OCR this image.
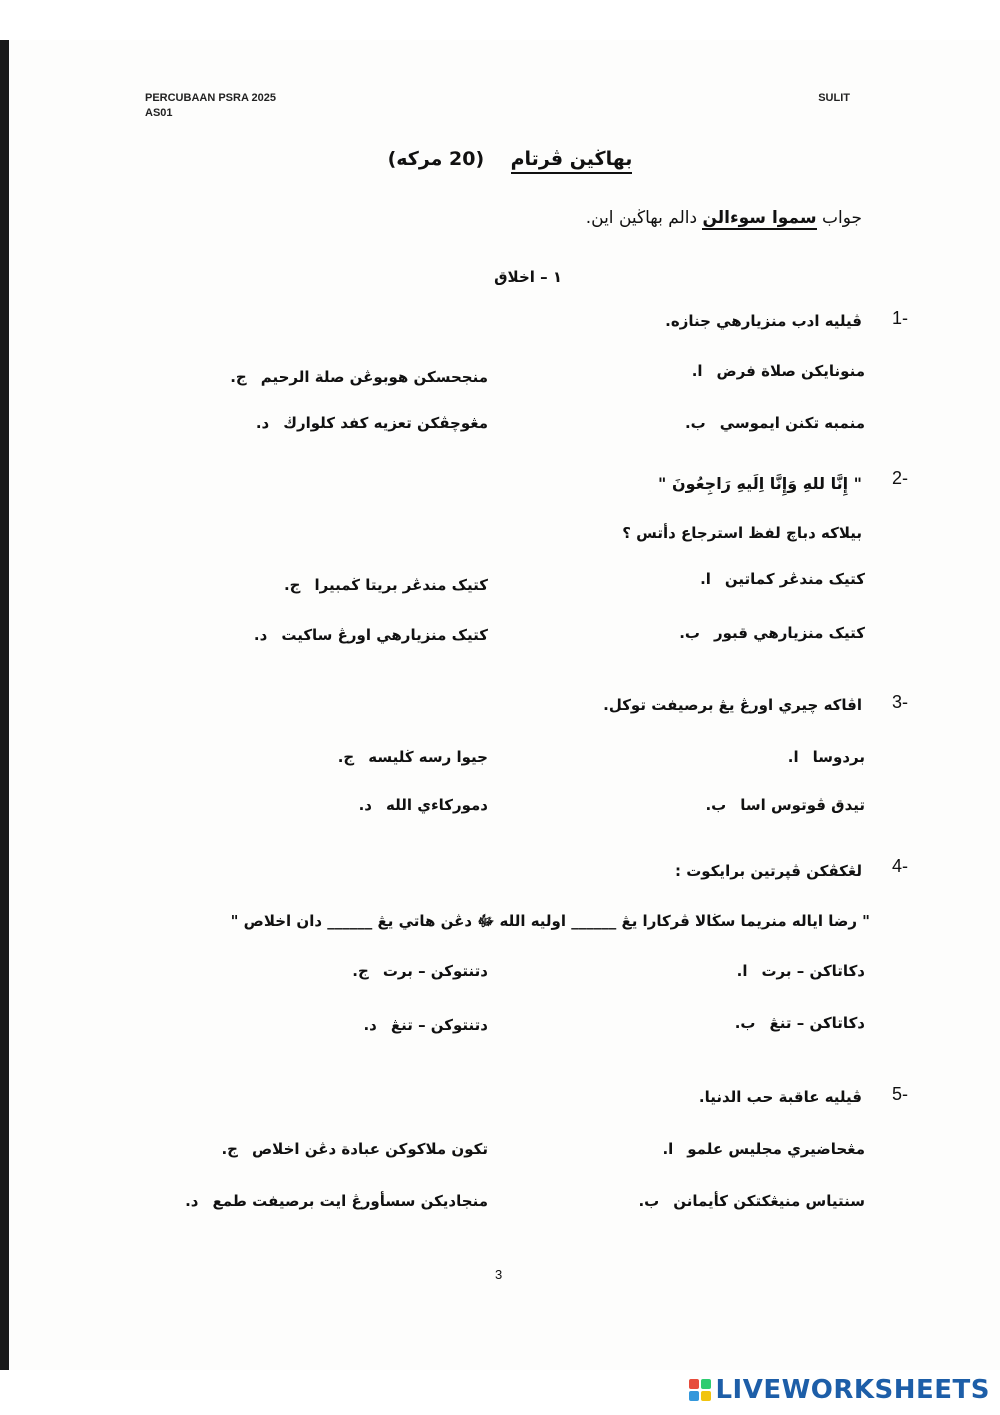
PERCUBAAN PSRA 2025
AS01
SULIT
بهاڬين ڤرتام    (20 مركه)
جواب سموا سوءالن دالم بهاڬين اين.
١ – اخلاق
1-
ڤيليه ادب منزيارهي جنازه.
ا. منونايكن صلاة فرض
ب. منمبه تكنن ايموسي
ج. منجحسكن هوبوڠن صلة الرحيم
د. مڠوچڤكن تعزيه كفد كلوارڬ
2-
" إِنَّا للهِ وَإِنَّا اِلَيهِ رَاجِعُونَ "
بيلاكه دباچ لفظ استرجاع دأتس ؟
ا. كتيک مندڠر كماتين
ب. كتيک منزيارهي قبور
ج. كتيک مندڠر بريتا ڬمبيرا
د. كتيک منزيارهي اورڠ ساكيت
3-
اڤاكه چيري اورڠ يڠ برصيفت توكل.
ا. بردوسا
ب. تيدق ڤوتوس اسا
ج. جيوا رسه ڬليسه
د. دموركاءي الله
4-
لڠكڤكن ڤڽرتين برايكوت :
" رضا اياله منريما سڬالا ڤركارا يڠ ______ اوليه الله ﷻ دڠن هاتي يڠ ______ دان اخلاص "
ا. دكاتاكن – برت
ب. دكاتاكن – تنڠ
ج. دتنتوكن – برت
د. دتنتوكن – تنڠ
5-
ڤيليه عاقبة حب الدنيا.
ا. مڠحاضيري مجليس علمو
ب. سنتياس منيڠكتكن كأيمانن
ج. تكون ملاكوكن عبادة دڠن اخلاص
د. منجاديكن سسأورڠ ايت برصيفت طمع
3
LIVEWORKSHEETS
